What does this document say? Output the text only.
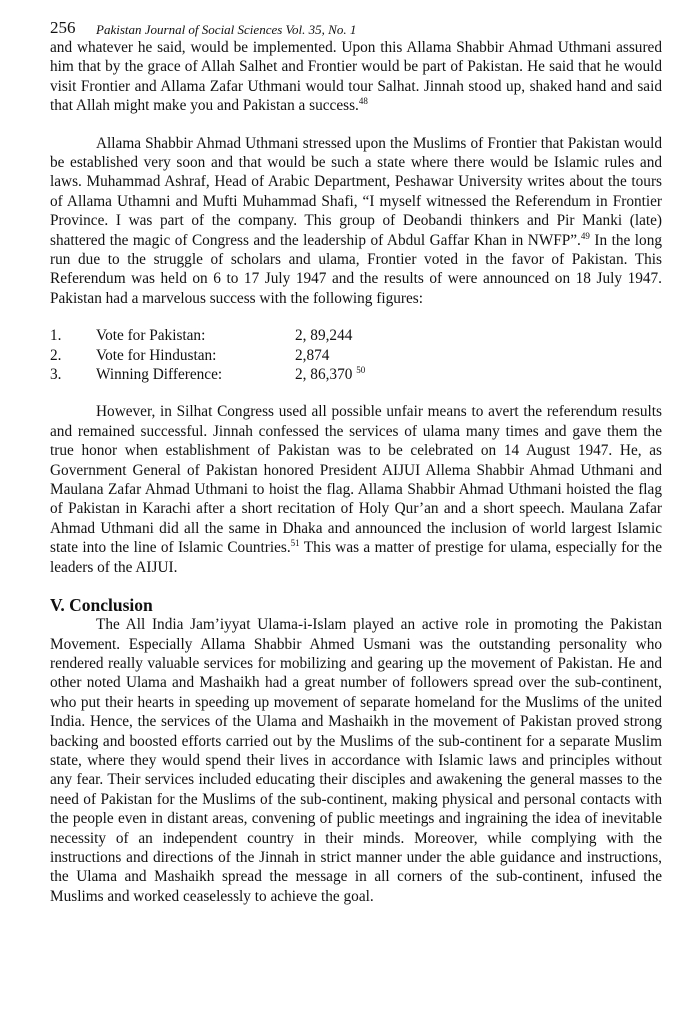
256 Pakistan Journal of Social Sciences Vol. 35, No. 1

and whatever he said, would be implemented. Upon this Allama Shabbir Ahmad Uthmani assured him that by the grace of Allah Salhet and Frontier would be part of Pakistan. He said that he would visit Frontier and Allama Zafar Uthmani would tour Salhat. Jinnah stood up, shaked hand and said that Allah might make you and Pakistan a success.$^{48}$

Allama Shabbir Ahmad Uthmani stressed upon the Muslims of Frontier that Pakistan would be established very soon and that would be such a state where there would be Islamic rules and laws. Muhammad Ashraf, Head of Arabic Department, Peshawar University writes about the tours of Allama Uthamni and Mufti Muhammad Shafi, “I myself witnessed the Referendum in Frontier Province. I was part of the company. This group of Deobandi thinkers and Pir Manki (late) shattered the magic of Congress and the leadership of Abdul Gaffar Khan in NWFP”.$^{49}$ In the long run due to the struggle of scholars and ulama, Frontier voted in the favor of Pakistan. This Referendum was held on 6 to 17 July 1947 and the results of were announced on 18 July 1947. Pakistan had a marvelous success with the following figures:

1. Vote for Pakistan:	2, 89,244
2. Vote for Hindustan:	2,874
3. Winning Difference:	2, 86,370 $^{50}$

However, in Silhat Congress used all possible unfair means to avert the referendum results and remained successful. Jinnah confessed the services of ulama many times and gave them the true honor when establishment of Pakistan was to be celebrated on 14 August 1947. He, as Government General of Pakistan honored President AIJUI Allema Shabbir Ahmad Uthmani and Maulana Zafar Ahmad Uthmani to hoist the flag. Allama Shabbir Ahmad Uthmani hoisted the flag of Pakistan in Karachi after a short recitation of Holy Qur’an and a short speech. Maulana Zafar Ahmad Uthmani did all the same in Dhaka and announced the inclusion of world largest Islamic state into the line of Islamic Countries.$^{51}$ This was a matter of prestige for ulama, especially for the leaders of the AIJUI.

V. Conclusion

The All India Jam’iyyat Ulama-i-Islam played an active role in promoting the Pakistan Movement. Especially Allama Shabbir Ahmed Usmani was the outstanding personality who rendered really valuable services for mobilizing and gearing up the movement of Pakistan. He and other noted Ulama and Mashaikh had a great number of followers spread over the sub-continent, who put their hearts in speeding up movement of separate homeland for the Muslims of the united India. Hence, the services of the Ulama and Mashaikh in the movement of Pakistan proved strong backing and boosted efforts carried out by the Muslims of the sub-continent for a separate Muslim state, where they would spend their lives in accordance with Islamic laws and principles without any fear. Their services included educating their disciples and awakening the general masses to the need of Pakistan for the Muslims of the sub-continent, making physical and personal contacts with the people even in distant areas, convening of public meetings and ingraining the idea of inevitable necessity of an independent country in their minds. Moreover, while complying with the instructions and directions of the Jinnah in strict manner under the able guidance and instructions, the Ulama and Mashaikh spread the message in all corners of the sub-continent, infused the Muslims and worked ceaselessly to achieve the goal.
